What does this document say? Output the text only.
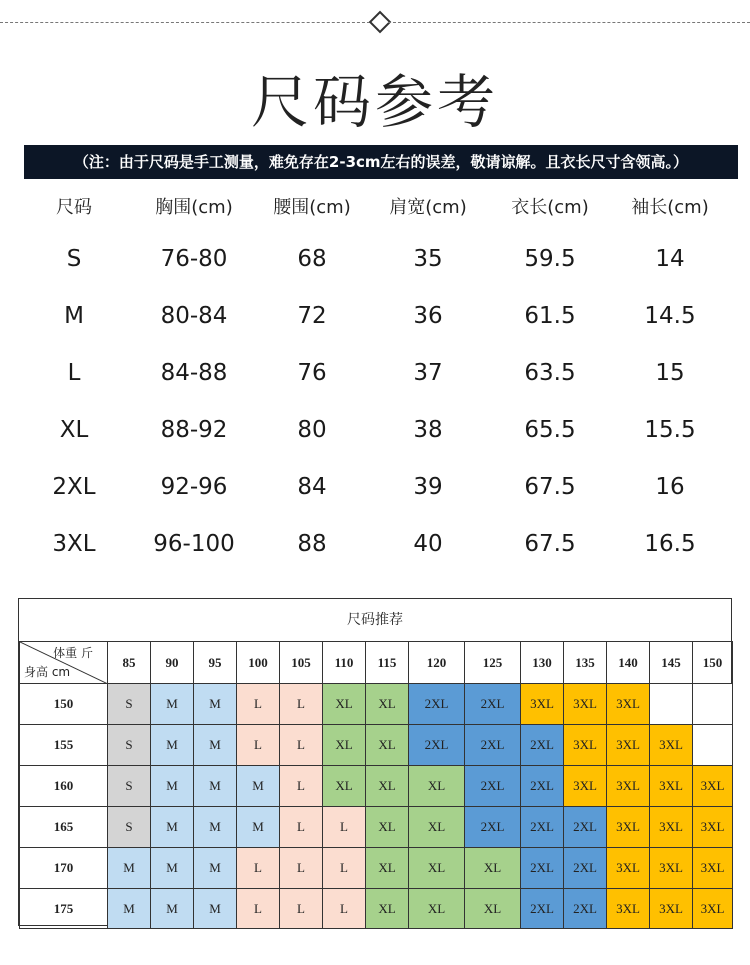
尺码参考
（注：由于尺码是手工测量，难免存在2-3cm左右的误差，敬请谅解。且衣长尺寸含领高。）
尺码	胸围(cm) 腰围(cm) 肩宽(cm) 衣长(cm) 袖长(cm)
S	76-80	68	35	59.5	14
M	80-84	72	36	61.5	14.5
L	84-88	76	37	63.5	15
XL	88-92	80	38	65.5	15.5
2XL	92-96	84	39	67.5	16
3XL	96-100	88	40	67.5	16.5
尺码推荐
体重 斤
身高 cm	85	90	95	100	105	110	115	120	125	130	135	140	145	150
150	S	M	M	L	L	XL	XL	2XL	2XL	3XL	3XL	3XL		
155	S	M	M	L	L	XL	XL	2XL	2XL	2XL	3XL	3XL	3XL	
160	S	M	M	M	L	XL	XL	XL	2XL	2XL	3XL	3XL	3XL	3XL
165	S	M	M	M	L	L	XL	XL	2XL	2XL	2XL	3XL	3XL	3XL
170	M	M	M	L	L	L	XL	XL	XL	2XL	2XL	3XL	3XL	3XL
175	M	M	M	L	L	L	XL	XL	XL	2XL	2XL	3XL	3XL	3XL
